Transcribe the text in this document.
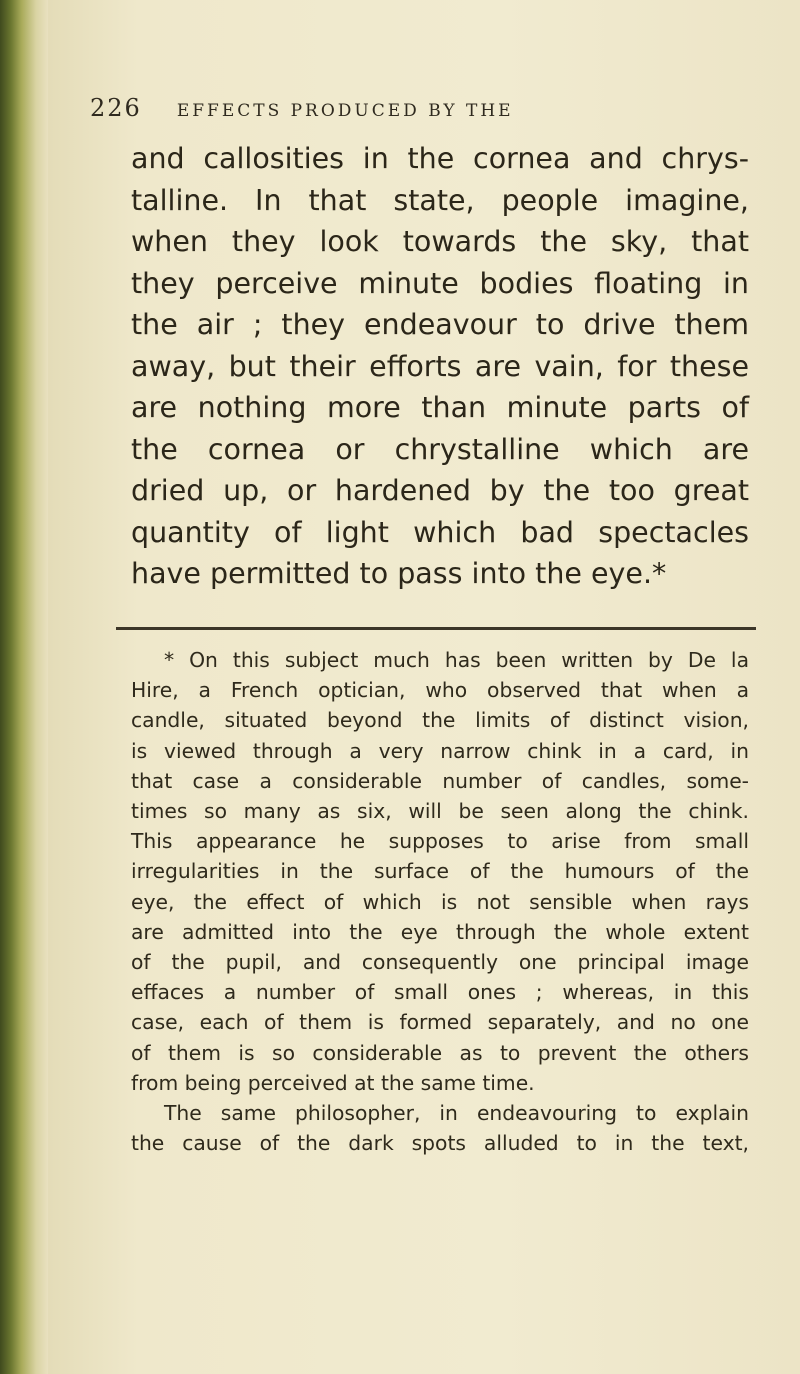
226 EFFECTS PRODUCED BY THE
and callosities in the cornea and chrys-
talline. In that state, people imagine,
when they look towards the sky, that
they perceive minute bodies floating in
the air ; they endeavour to drive them
away, but their efforts are vain, for these
are nothing more than minute parts of
the cornea or chrystalline which are
dried up, or hardened by the too great
quantity of light which bad spectacles
have permitted to pass into the eye.*
* On this subject much has been written by De la
Hire, a French optician, who observed that when a
candle, situated beyond the limits of distinct vision,
is viewed through a very narrow chink in a card, in
that case a considerable number of candles, some-
times so many as six, will be seen along the chink.
This appearance he supposes to arise from small
irregularities in the surface of the humours of the
eye, the effect of which is not sensible when rays
are admitted into the eye through the whole extent
of the pupil, and consequently one principal image
effaces a number of small ones ; whereas, in this
case, each of them is formed separately, and no one
of them is so considerable as to prevent the others
from being perceived at the same time.
The same philosopher, in endeavouring to explain
the cause of the dark spots alluded to in the text,
